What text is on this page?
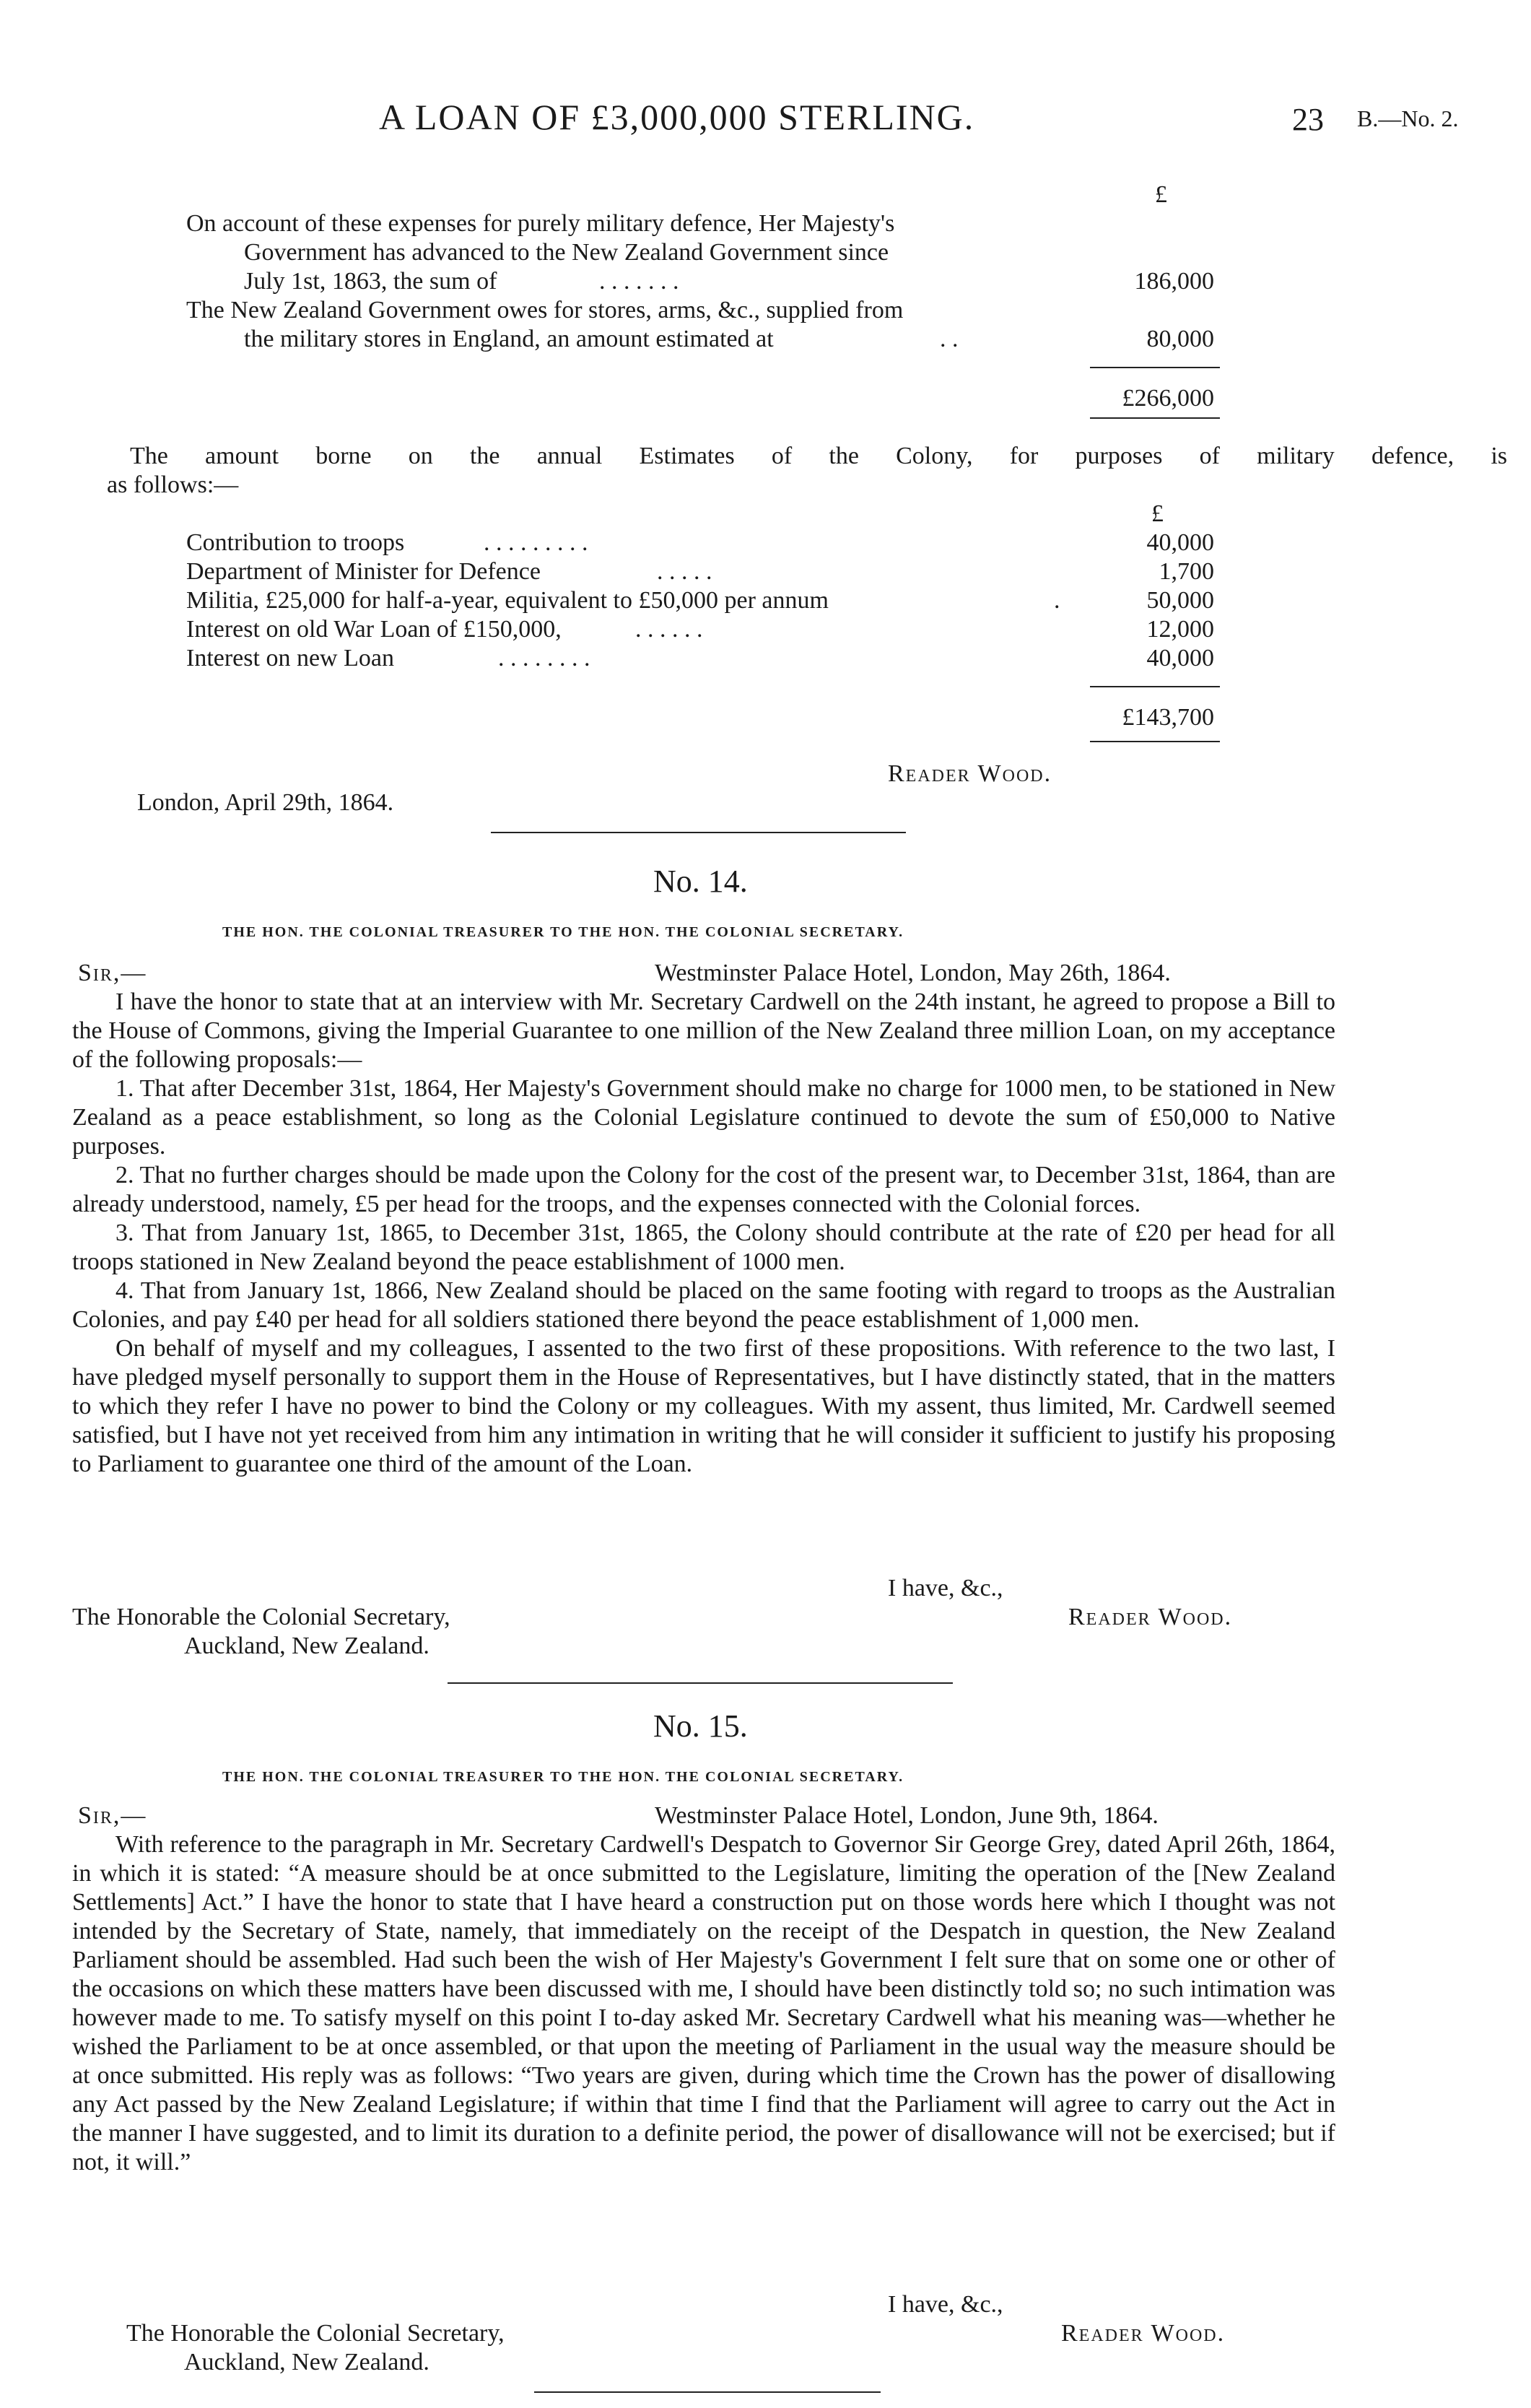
A LOAN OF £3,000,000 STERLING.	23 B.—No. 2.
£
On account of these expenses for purely military defence, Her Majesty's
Government has advanced to the New Zealand Government since
July 1st, 1863, the sum of	. . . . . . .	186,000
The New Zealand Government owes for stores, arms, &c., supplied from
the military stores in England, an amount estimated at	. .	80,000
£266,000
The amount borne on the annual Estimates of the Colony, for purposes of military defence, is
as follows:—
£
Contribution to troops	. . . . . . . . .	40,000
Department of Minister for Defence	. . . . .	1,700
Militia, £25,000 for half-a-year, equivalent to £50,000 per annum	.	50,000
Interest on old War Loan of £150,000,	. . . . . .	12,000
Interest on new Loan	. . . . . . . .	40,000
£143,700
Reader Wood.
London, April 29th, 1864.
No. 14.
THE HON. THE COLONIAL TREASURER TO THE HON. THE COLONIAL SECRETARY.
Sir,—	Westminster Palace Hotel, London, May 26th, 1864.

I have the honor to state that at an interview with Mr. Secretary Cardwell on the 24th instant, he agreed to propose a Bill to the House of Commons, giving the Imperial Guarantee to one million of the New Zealand three million Loan, on my acceptance of the following proposals:—

1. That after December 31st, 1864, Her Majesty's Government should make no charge for 1000 men, to be stationed in New Zealand as a peace establishment, so long as the Colonial Legislature continued to devote the sum of £50,000 to Native purposes.

2. That no further charges should be made upon the Colony for the cost of the present war, to December 31st, 1864, than are already understood, namely, £5 per head for the troops, and the expenses connected with the Colonial forces.

3. That from January 1st, 1865, to December 31st, 1865, the Colony should contribute at the rate of £20 per head for all troops stationed in New Zealand beyond the peace establishment of 1000 men.

4. That from January 1st, 1866, New Zealand should be placed on the same footing with regard to troops as the Australian Colonies, and pay £40 per head for all soldiers stationed there beyond the peace establishment of 1,000 men.

On behalf of myself and my colleagues, I assented to the two first of these propositions. With reference to the two last, I have pledged myself personally to support them in the House of Representatives, but I have distinctly stated, that in the matters to which they refer I have no power to bind the Colony or my colleagues. With my assent, thus limited, Mr. Cardwell seemed satisfied, but I have not yet received from him any intimation in writing that he will consider it sufficient to justify his proposing to Parliament to guarantee one third of the amount of the Loan.

I have, &c.,
The Honorable the Colonial Secretary,	Reader Wood.
Auckland, New Zealand.
No. 15.
THE HON. THE COLONIAL TREASURER TO THE HON. THE COLONIAL SECRETARY.
Sir,—	Westminster Palace Hotel, London, June 9th, 1864.

With reference to the paragraph in Mr. Secretary Cardwell's Despatch to Governor Sir George Grey, dated April 26th, 1864, in which it is stated: “A measure should be at once submitted to the Legislature, limiting the operation of the [New Zealand Settlements] Act.” I have the honor to state that I have heard a construction put on those words here which I thought was not intended by the Secretary of State, namely, that immediately on the receipt of the Despatch in question, the New Zealand Parliament should be assembled. Had such been the wish of Her Majesty's Government I felt sure that on some one or other of the occasions on which these matters have been discussed with me, I should have been distinctly told so; no such intimation was however made to me. To satisfy myself on this point I to-day asked Mr. Secretary Cardwell what his meaning was—whether he wished the Parliament to be at once assembled, or that upon the meeting of Parliament in the usual way the measure should be at once submitted. His reply was as follows: “Two years are given, during which time the Crown has the power of disallowing any Act passed by the New Zealand Legislature; if within that time I find that the Parliament will agree to carry out the Act in the manner I have suggested, and to limit its duration to a definite period, the power of disallowance will not be exercised; but if not, it will.”

I have, &c.,
The Honorable the Colonial Secretary,	Reader Wood.
Auckland, New Zealand.
